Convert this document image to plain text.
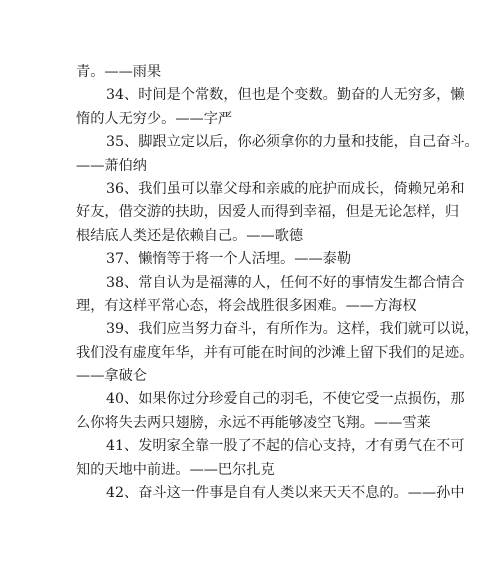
青。——雨果
34、时间是个常数，但也是个变数。勤奋的人无穷多，懒
惰的人无穷少。——字严
35、脚跟立定以后，你必须拿你的力量和技能，自己奋斗。
——萧伯纳
36、我们虽可以靠父母和亲戚的庇护而成长，倚赖兄弟和
好友，借交游的扶助，因爱人而得到幸福，但是无论怎样，归
根结底人类还是依赖自己。——歌德
37、懒惰等于将一个人活埋。——泰勒
38、常自认为是福薄的人，任何不好的事情发生都合情合
理，有这样平常心态，将会战胜很多困难。——方海权
39、我们应当努力奋斗，有所作为。这样，我们就可以说，
我们没有虚度年华，并有可能在时间的沙滩上留下我们的足迹。
——拿破仑
40、如果你过分珍爱自己的羽毛，不使它受一点损伤，那
么你将失去两只翅膀，永远不再能够凌空飞翔。——雪莱
41、发明家全靠一股了不起的信心支持，才有勇气在不可
知的天地中前进。——巴尔扎克
42、奋斗这一件事是自有人类以来天天不息的。——孙中
